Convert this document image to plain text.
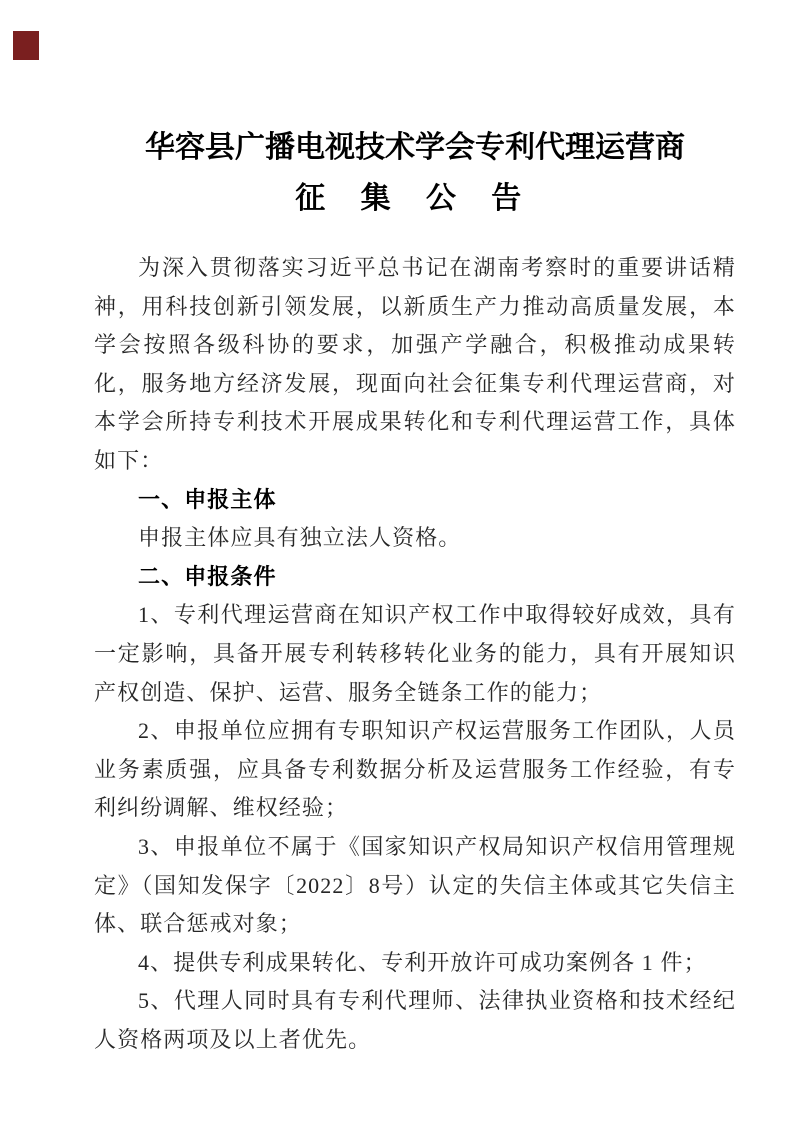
华容县广播电视技术学会专利代理运营商
征 集 公 告

为深入贯彻落实习近平总书记在湖南考察时的重要讲话精神，用科技创新引领发展，以新质生产力推动高质量发展，本学会按照各级科协的要求，加强产学融合，积极推动成果转化，服务地方经济发展，现面向社会征集专利代理运营商，对本学会所持专利技术开展成果转化和专利代理运营工作，具体如下：

一、申报主体

申报主体应具有独立法人资格。

二、申报条件

1、专利代理运营商在知识产权工作中取得较好成效，具有一定影响，具备开展专利转移转化业务的能力，具有开展知识产权创造、保护、运营、服务全链条工作的能力；

2、申报单位应拥有专职知识产权运营服务工作团队，人员业务素质强，应具备专利数据分析及运营服务工作经验，有专利纠纷调解、维权经验；

3、申报单位不属于《国家知识产权局知识产权信用管理规定》（国知发保字〔2022〕8号）认定的失信主体或其它失信主体、联合惩戒对象；

4、提供专利成果转化、专利开放许可成功案例各 1 件；

5、代理人同时具有专利代理师、法律执业资格和技术经纪人资格两项及以上者优先。
